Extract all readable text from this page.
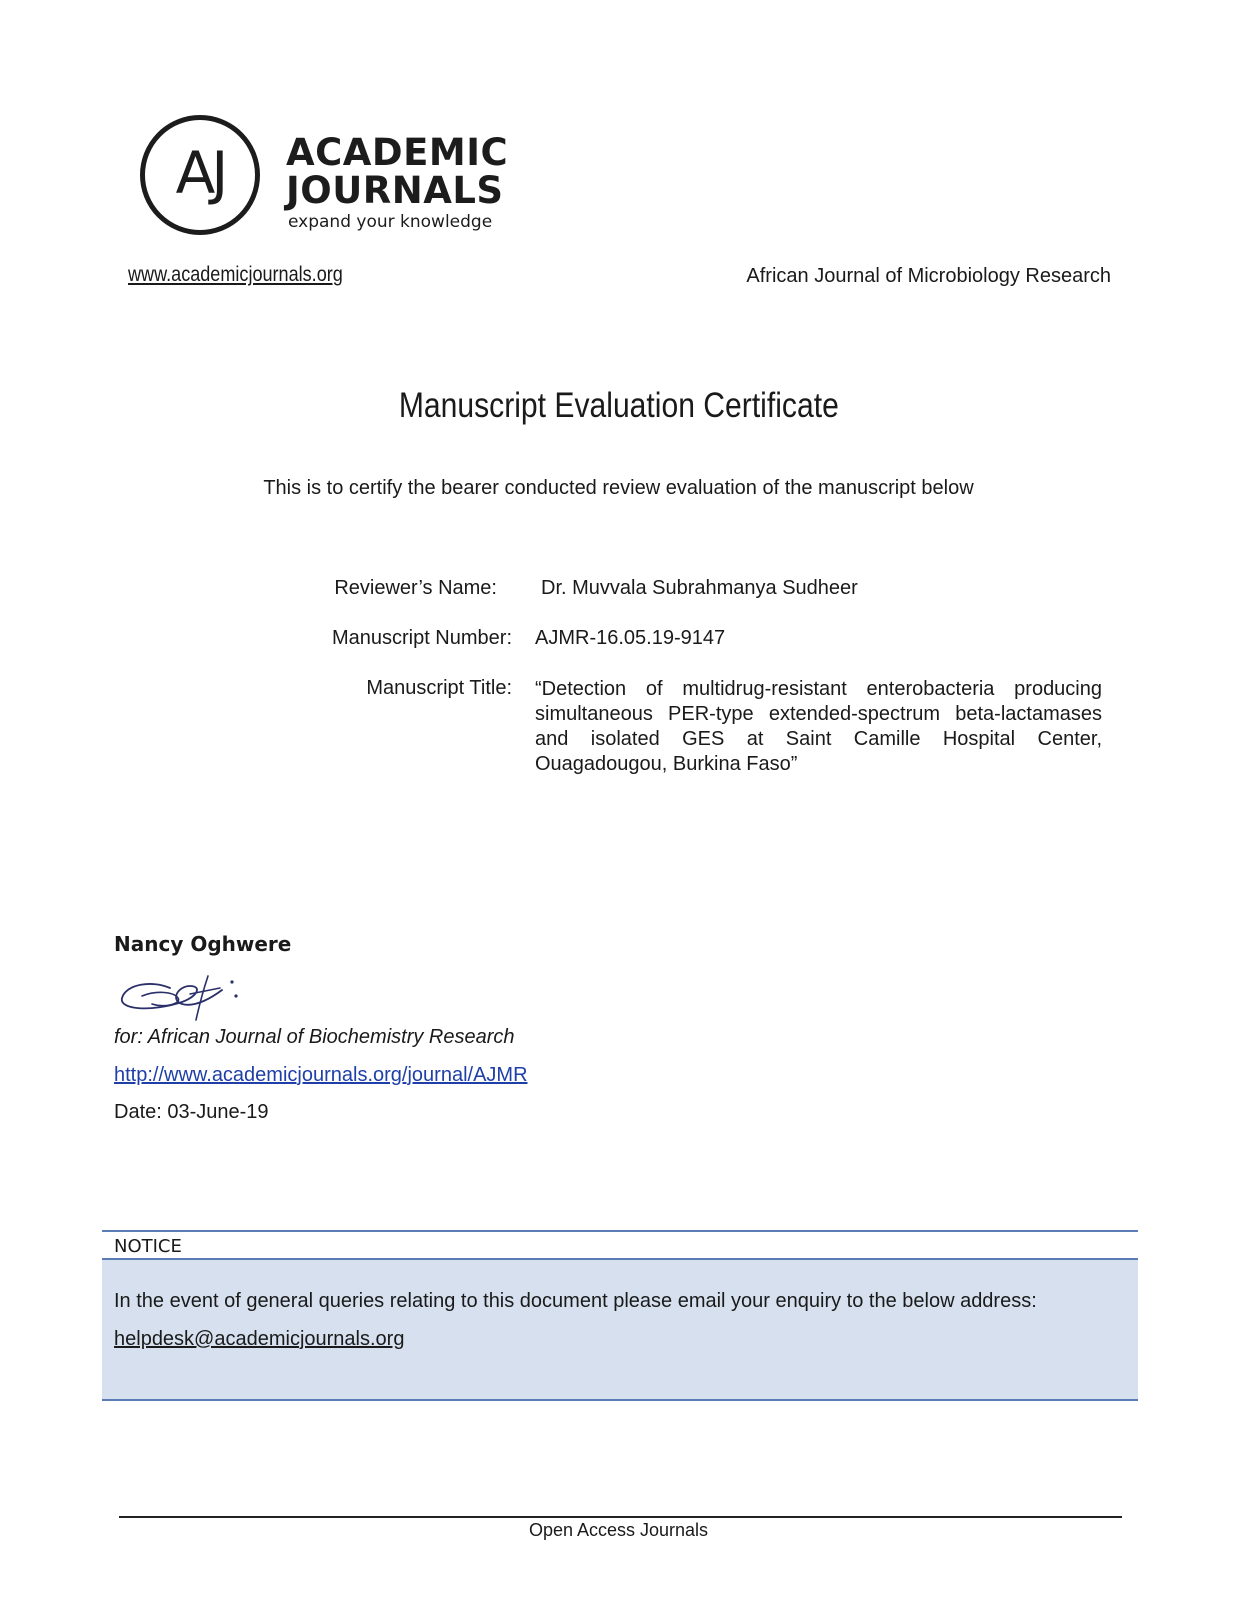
AJ	ACADEMIC
JOURNALS
expand your knowledge
www.academicjournals.org	African Journal of Microbiology Research
Manuscript Evaluation Certificate
This is to certify the bearer conducted review evaluation of the manuscript below
Reviewer’s Name: Dr. Muvvala Subrahmanya Sudheer
Manuscript Number: AJMR-16.05.19-9147
Manuscript Title: “Detection of multidrug-resistant enterobacteria producing simultaneous PER-type extended-spectrum beta-lactamases and isolated GES at Saint Camille Hospital Center, Ouagadougou, Burkina Faso”
Nancy Oghwere
for: African Journal of Biochemistry Research
http://www.academicjournals.org/journal/AJMR
Date: 03-June-19
NOTICE
In the event of general queries relating to this document please email your enquiry to the below address:
helpdesk@academicjournals.org
Open Access Journals
